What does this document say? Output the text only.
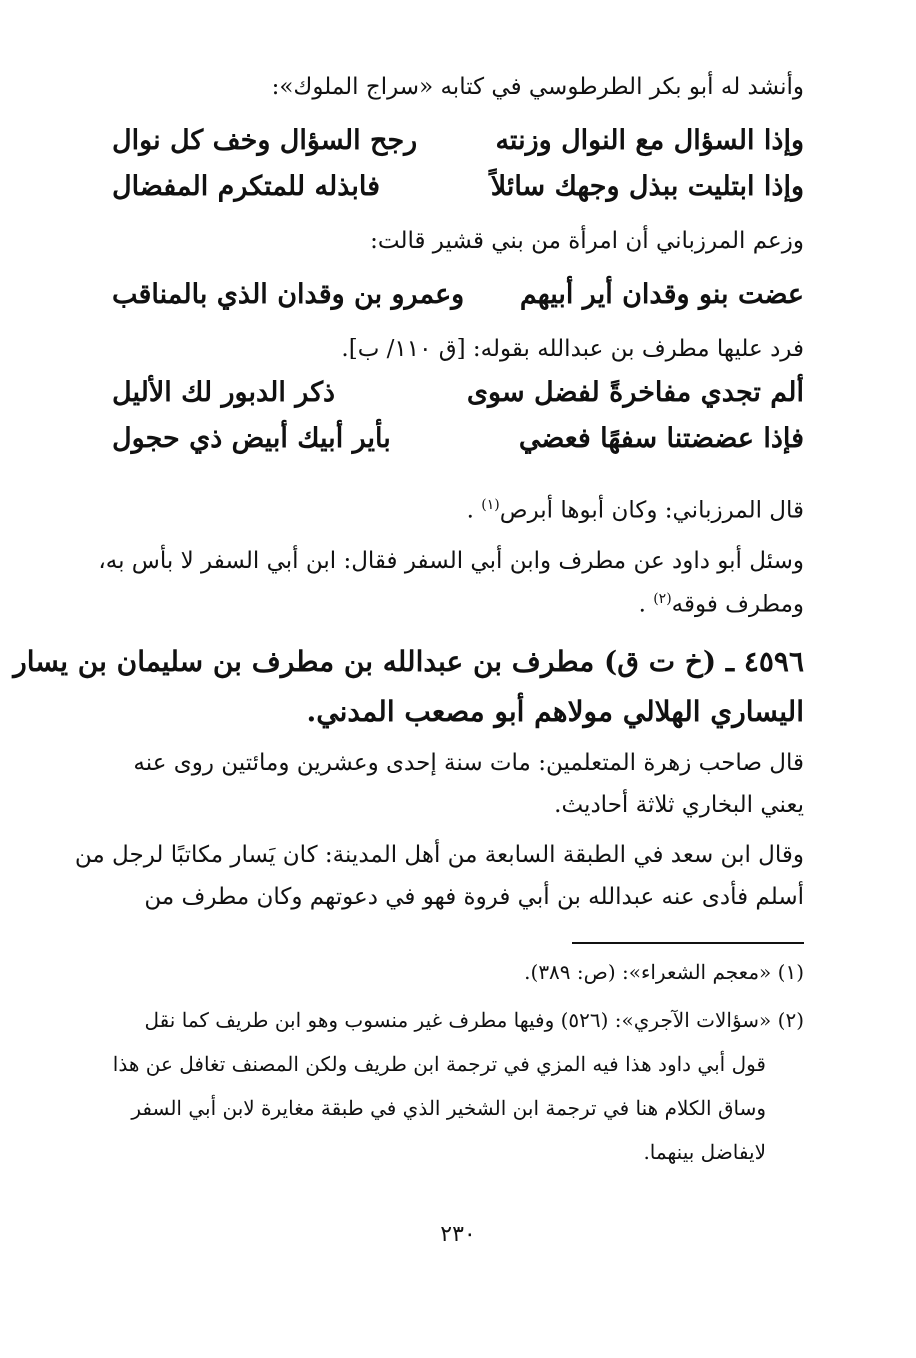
وأنشد له أبو بكر الطرطوسي في كتابه «سراج الملوك»:
وإذا السؤال مع النوال وزنته
رجح السؤال وخف كل نوال
وإذا ابتليت ببذل وجهك سائلاً
فابذله للمتكرم المفضال
وزعم المرزباني أن امرأة من بني قشير قالت:
عضت بنو وقدان أير أبيهم
وعمرو بن وقدان الذي بالمناقب
فرد عليها مطرف بن عبدالله بقوله: [ق ١١٠/ ب].
ألم تجدي مفاخرةً لفضل سوى
ذكر الدبور لك الأليل
فإذا عضضتنا سفهًا فعضي
بأير أبيك أبيض ذي حجول
قال المرزباني: وكان أبوها أبرص$^{(١)}$ .
وسئل أبو داود عن مطرف وابن أبي السفر فقال: ابن أبي السفر لا بأس به،
ومطرف فوقه$^{(٢)}$ .
٤٥٩٦ ـ (خ ت ق) مطرف بن عبدالله بن مطرف بن سليمان بن يسار
اليساري الهلالي مولاهم أبو مصعب المدني.
قال صاحب زهرة المتعلمين: مات سنة إحدى وعشرين ومائتين روى عنه
يعني البخاري ثلاثة أحاديث.
وقال ابن سعد في الطبقة السابعة من أهل المدينة: كان يَسار مكاتبًا لرجل من
أسلم فأدى عنه عبدالله بن أبي فروة فهو في دعوتهم وكان مطرف من
(١) «معجم الشعراء»: (ص: ٣٨٩).
(٢) «سؤالات الآجري»: (٥٢٦) وفيها مطرف غير منسوب وهو ابن طريف كما نقل
قول أبي داود هذا فيه المزي في ترجمة ابن طريف ولكن المصنف تغافل عن هذا
وساق الكلام هنا في ترجمة ابن الشخير الذي في طبقة مغايرة لابن أبي السفر
لايفاضل بينهما.
٢٣٠
